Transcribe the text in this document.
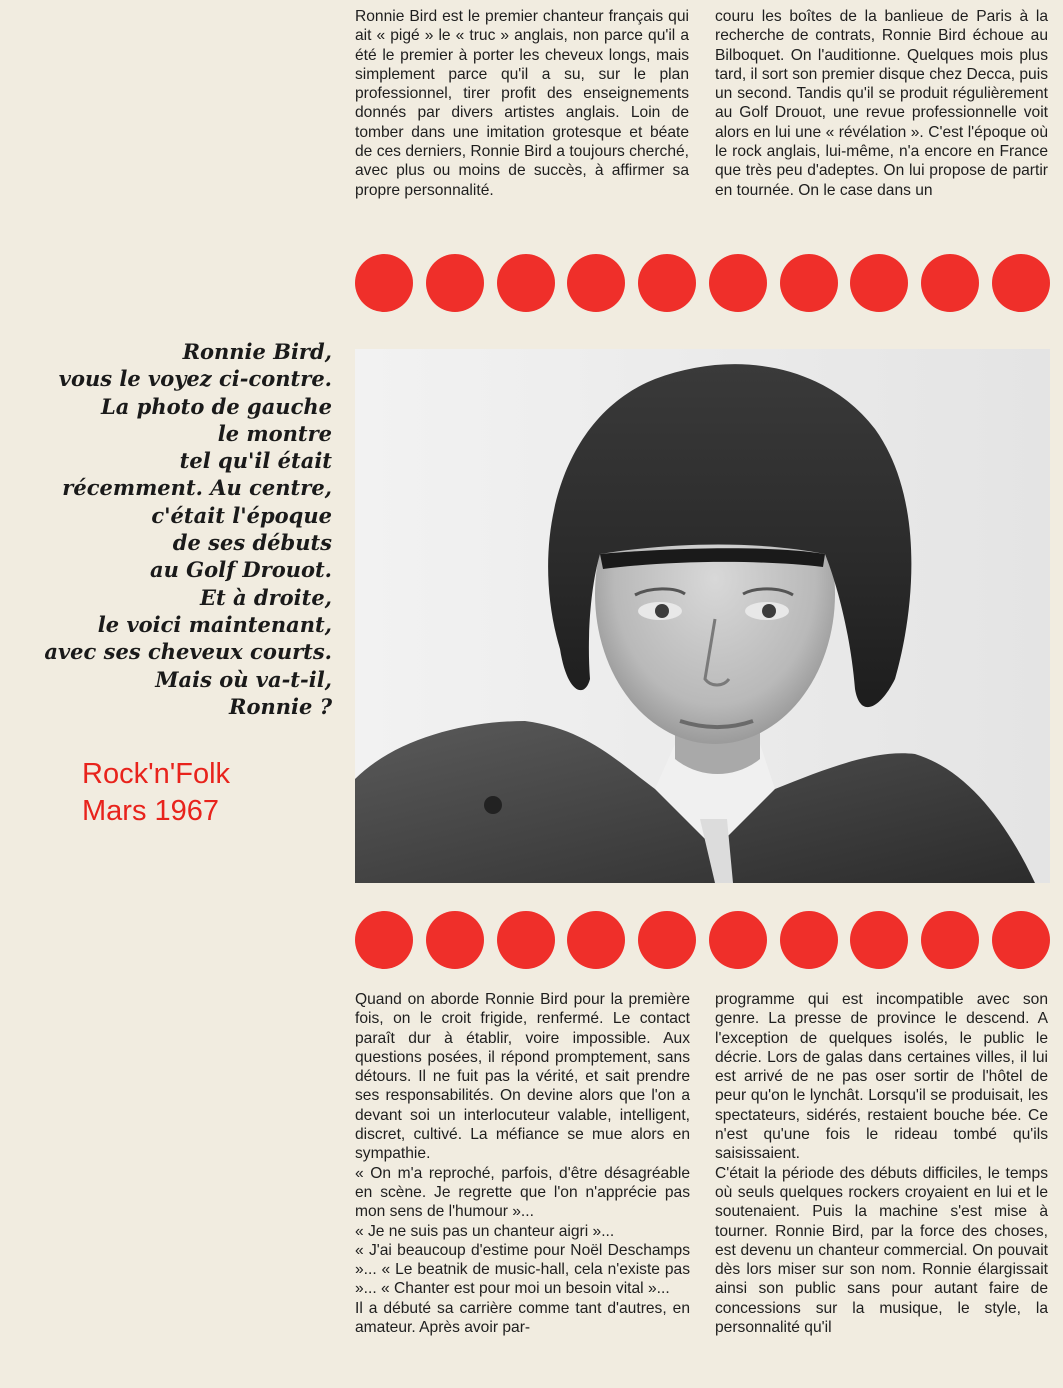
Ronnie Bird est le premier chanteur français qui ait « pigé » le « truc » anglais, non parce qu'il a été le premier à porter les cheveux longs, mais simplement parce qu'il a su, sur le plan professionnel, tirer profit des enseignements donnés par divers artistes anglais. Loin de tomber dans une imitation grotesque et béate de ces derniers, Ronnie Bird a toujours cherché, avec plus ou moins de succès, à affirmer sa propre personnalité.

couru les boîtes de la banlieue de Paris à la recherche de contrats, Ronnie Bird échoue au Bilboquet. On l'auditionne. Quelques mois plus tard, il sort son premier disque chez Decca, puis un second. Tandis qu'il se produit régulièrement au Golf Drouot, une revue professionnelle voit alors en lui une « révélation ». C'est l'époque où le rock anglais, lui-même, n'a encore en France que très peu d'adeptes. On lui propose de partir en tournée. On le case dans un

Ronnie Bird,
vous le voyez ci-contre.
La photo de gauche
le montre
tel qu'il était
récemment. Au centre,
c'était l'époque
de ses débuts
au Golf Drouot.
Et à droite,
le voici maintenant,
avec ses cheveux courts.
Mais où va-t-il,
Ronnie ?
Rock'n'Folk
Mars 1967

Quand on aborde Ronnie Bird pour la première fois, on le croit frigide, renfermé. Le contact paraît dur à établir, voire impossible. Aux questions posées, il répond promptement, sans détours. Il ne fuit pas la vérité, et sait prendre ses responsabilités. On devine alors que l'on a devant soi un interlocuteur valable, intelligent, discret, cultivé. La méfiance se mue alors en sympathie.

« On m'a reproché, parfois, d'être désagréable en scène. Je regrette que l'on n'apprécie pas mon sens de l'humour »...

« Je ne suis pas un chanteur aigri »...

« J'ai beaucoup d'estime pour Noël Deschamps »... « Le beatnik de music-hall, cela n'existe pas »... « Chanter est pour moi un besoin vital »...

Il a débuté sa carrière comme tant d'autres, en amateur. Après avoir par-

programme qui est incompatible avec son genre. La presse de province le descend. A l'exception de quelques isolés, le public le décrie. Lors de galas dans certaines villes, il lui est arrivé de ne pas oser sortir de l'hôtel de peur qu'on le lynchât. Lorsqu'il se produisait, les spectateurs, sidérés, restaient bouche bée. Ce n'est qu'une fois le rideau tombé qu'ils saisissaient.

C'était la période des débuts difficiles, le temps où seuls quelques rockers croyaient en lui et le soutenaient. Puis la machine s'est mise à tourner. Ronnie Bird, par la force des choses, est devenu un chanteur commercial. On pouvait dès lors miser sur son nom. Ronnie élargissait ainsi son public sans pour autant faire de concessions sur la musique, le style, la personnalité qu'il
